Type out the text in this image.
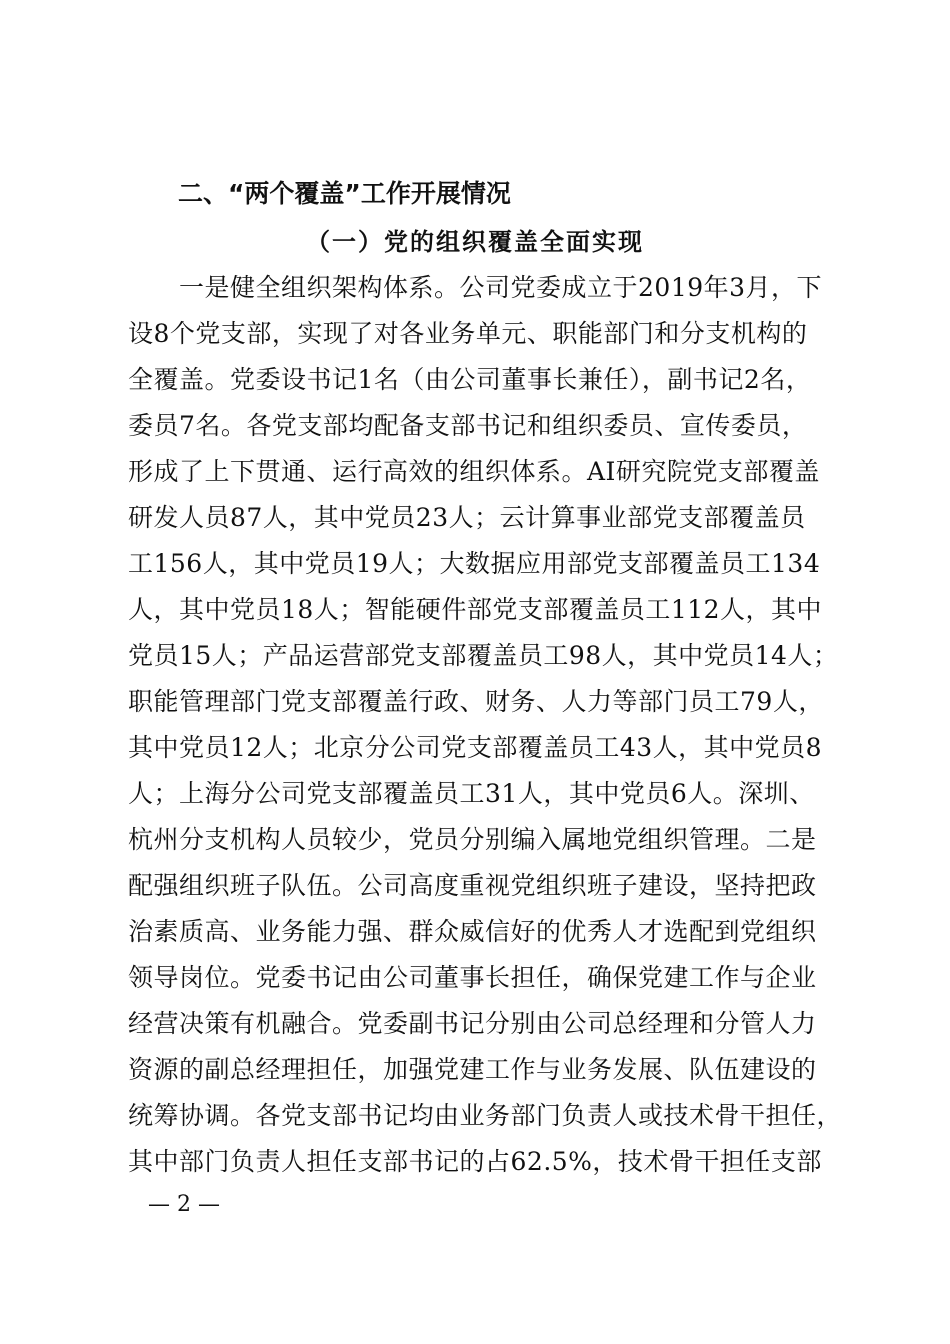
二、“两个覆盖”工作开展情况
（一）党的组织覆盖全面实现
　　一是健全组织架构体系。公司党委成立于2019年3月，下
设8个党支部，实现了对各业务单元、职能部门和分支机构的
全覆盖。党委设书记1名（由公司董事长兼任），副书记2名，
委员7名。各党支部均配备支部书记和组织委员、宣传委员，
形成了上下贯通、运行高效的组织体系。AI研究院党支部覆盖
研发人员87人，其中党员23人；云计算事业部党支部覆盖员
工156人，其中党员19人；大数据应用部党支部覆盖员工134
人，其中党员18人；智能硬件部党支部覆盖员工112人，其中
党员15人；产品运营部党支部覆盖员工98人，其中党员14人；
职能管理部门党支部覆盖行政、财务、人力等部门员工79人，
其中党员12人；北京分公司党支部覆盖员工43人，其中党员8
人；上海分公司党支部覆盖员工31人，其中党员6人。深圳、
杭州分支机构人员较少，党员分别编入属地党组织管理。二是
配强组织班子队伍。公司高度重视党组织班子建设，坚持把政
治素质高、业务能力强、群众威信好的优秀人才选配到党组织
领导岗位。党委书记由公司董事长担任，确保党建工作与企业
经营决策有机融合。党委副书记分别由公司总经理和分管人力
资源的副总经理担任，加强党建工作与业务发展、队伍建设的
统筹协调。各党支部书记均由业务部门负责人或技术骨干担任，
其中部门负责人担任支部书记的占62.5%，技术骨干担任支部
— 2 —
